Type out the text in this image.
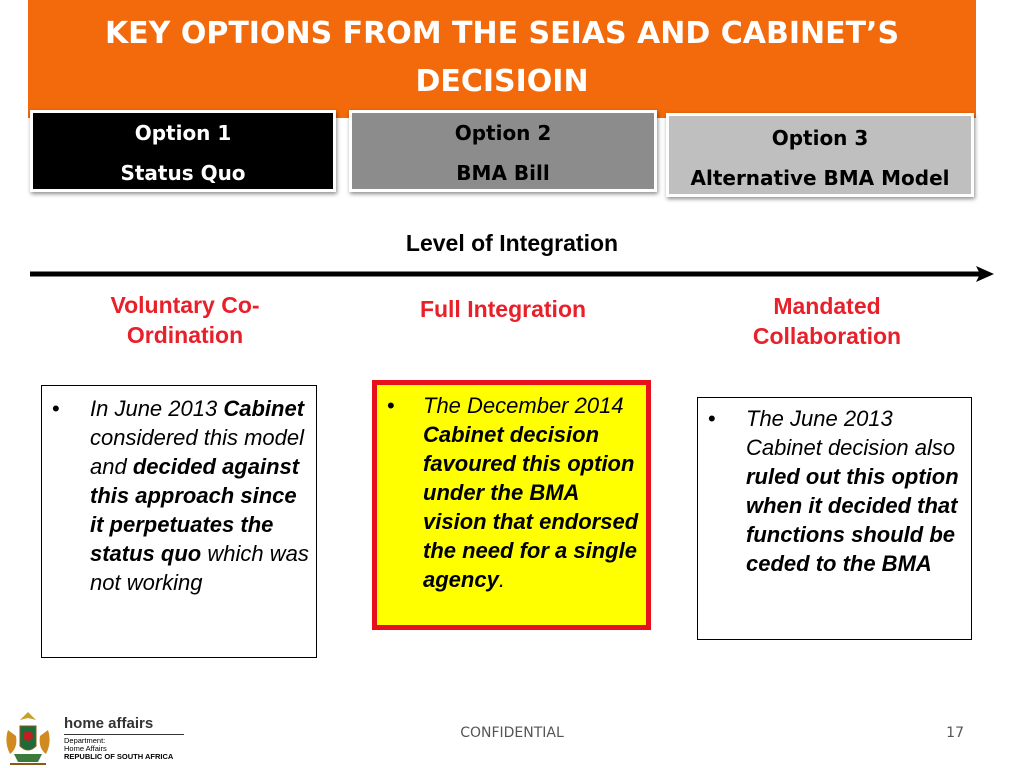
KEY OPTIONS FROM THE SEIAS AND CABINET’S
DECISIOIN
Option 1
Status Quo
Option 2
BMA Bill
Option 3
Alternative BMA Model
Level of Integration
Voluntary Co-
Ordination
Full Integration	Mandated
Collaboration
• In June 2013 Cabinet considered this model and decided against this approach since it perpetuates the status quo which was not working
• The December 2014 Cabinet decision favoured this option under the BMA vision that endorsed the need for a single agency.
• The June 2013 Cabinet decision also ruled out this option when it decided that functions should be ceded to the BMA
home affairs
Department:
Home Affairs
REPUBLIC OF SOUTH AFRICA
CONFIDENTIAL	17
